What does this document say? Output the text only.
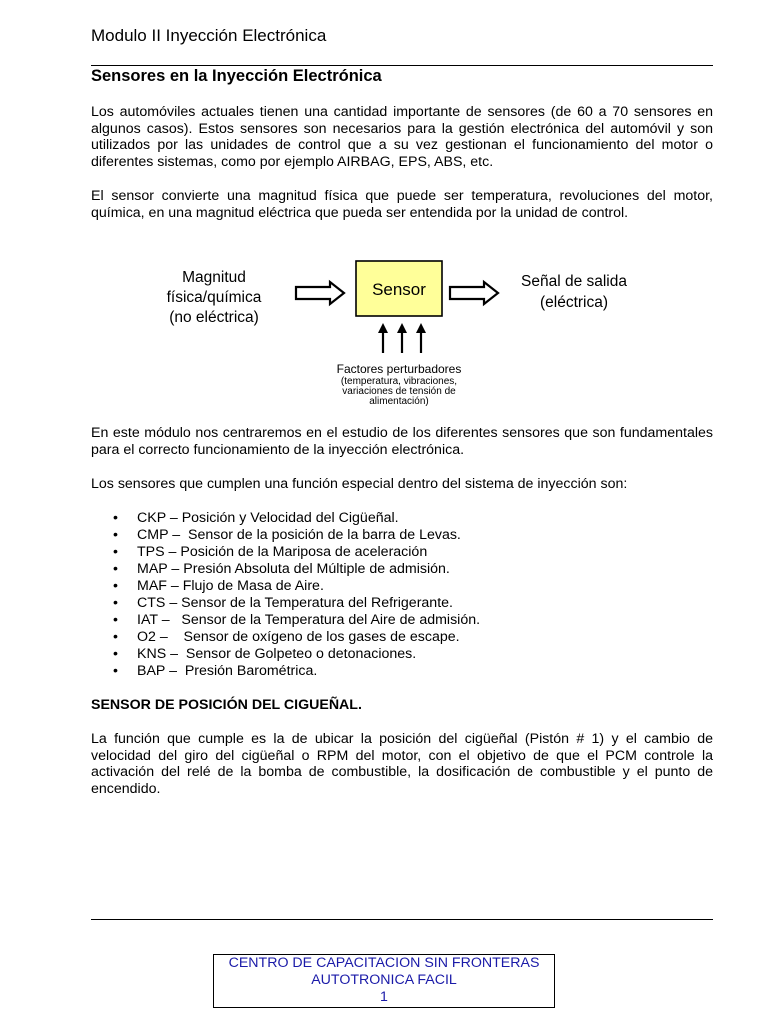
Modulo II Inyección Electrónica
Sensores en la Inyección Electrónica
Los automóviles actuales tienen una cantidad importante de sensores (de 60 a 70 sensores en algunos casos). Estos sensores son necesarios para la gestión electrónica del automóvil y son utilizados por las unidades de control que a su vez gestionan el funcionamiento del motor o diferentes sistemas, como por ejemplo AIRBAG, EPS, ABS, etc.
El sensor convierte una magnitud física que puede ser temperatura, revoluciones del motor, química, en una magnitud eléctrica que pueda ser entendida por la unidad de control.
Magnitud
física/química
(no eléctrica)
Sensor	Señal de salida
(eléctrica)
Factores perturbadores
(temperatura, vibraciones,
variaciones de tensión de
alimentación)
En este módulo nos centraremos en el estudio de los diferentes sensores que son fundamentales para el correcto funcionamiento de la inyección electrónica.
Los sensores que cumplen una función especial dentro del sistema de inyección son:
• CKP – Posición y Velocidad del Cigüeñal.
• CMP –  Sensor de la posición de la barra de Levas.
• TPS – Posición de la Mariposa de aceleración
• MAP – Presión Absoluta del Múltiple de admisión.
• MAF – Flujo de Masa de Aire.
• CTS – Sensor de la Temperatura del Refrigerante.
• IAT –   Sensor de la Temperatura del Aire de admisión.
• O2 –    Sensor de oxígeno de los gases de escape.
• KNS –  Sensor de Golpeteo o detonaciones.
• BAP –  Presión Barométrica.
SENSOR DE POSICIÓN DEL CIGUEÑAL.
La función que cumple es la de ubicar la posición del cigüeñal (Pistón # 1) y el cambio de velocidad del giro del cigüeñal o RPM del motor, con el objetivo de que el PCM controle la activación del relé de la bomba de combustible, la dosificación de combustible y el punto de encendido.
CENTRO DE CAPACITACION SIN FRONTERAS
AUTOTRONICA FACIL
1
